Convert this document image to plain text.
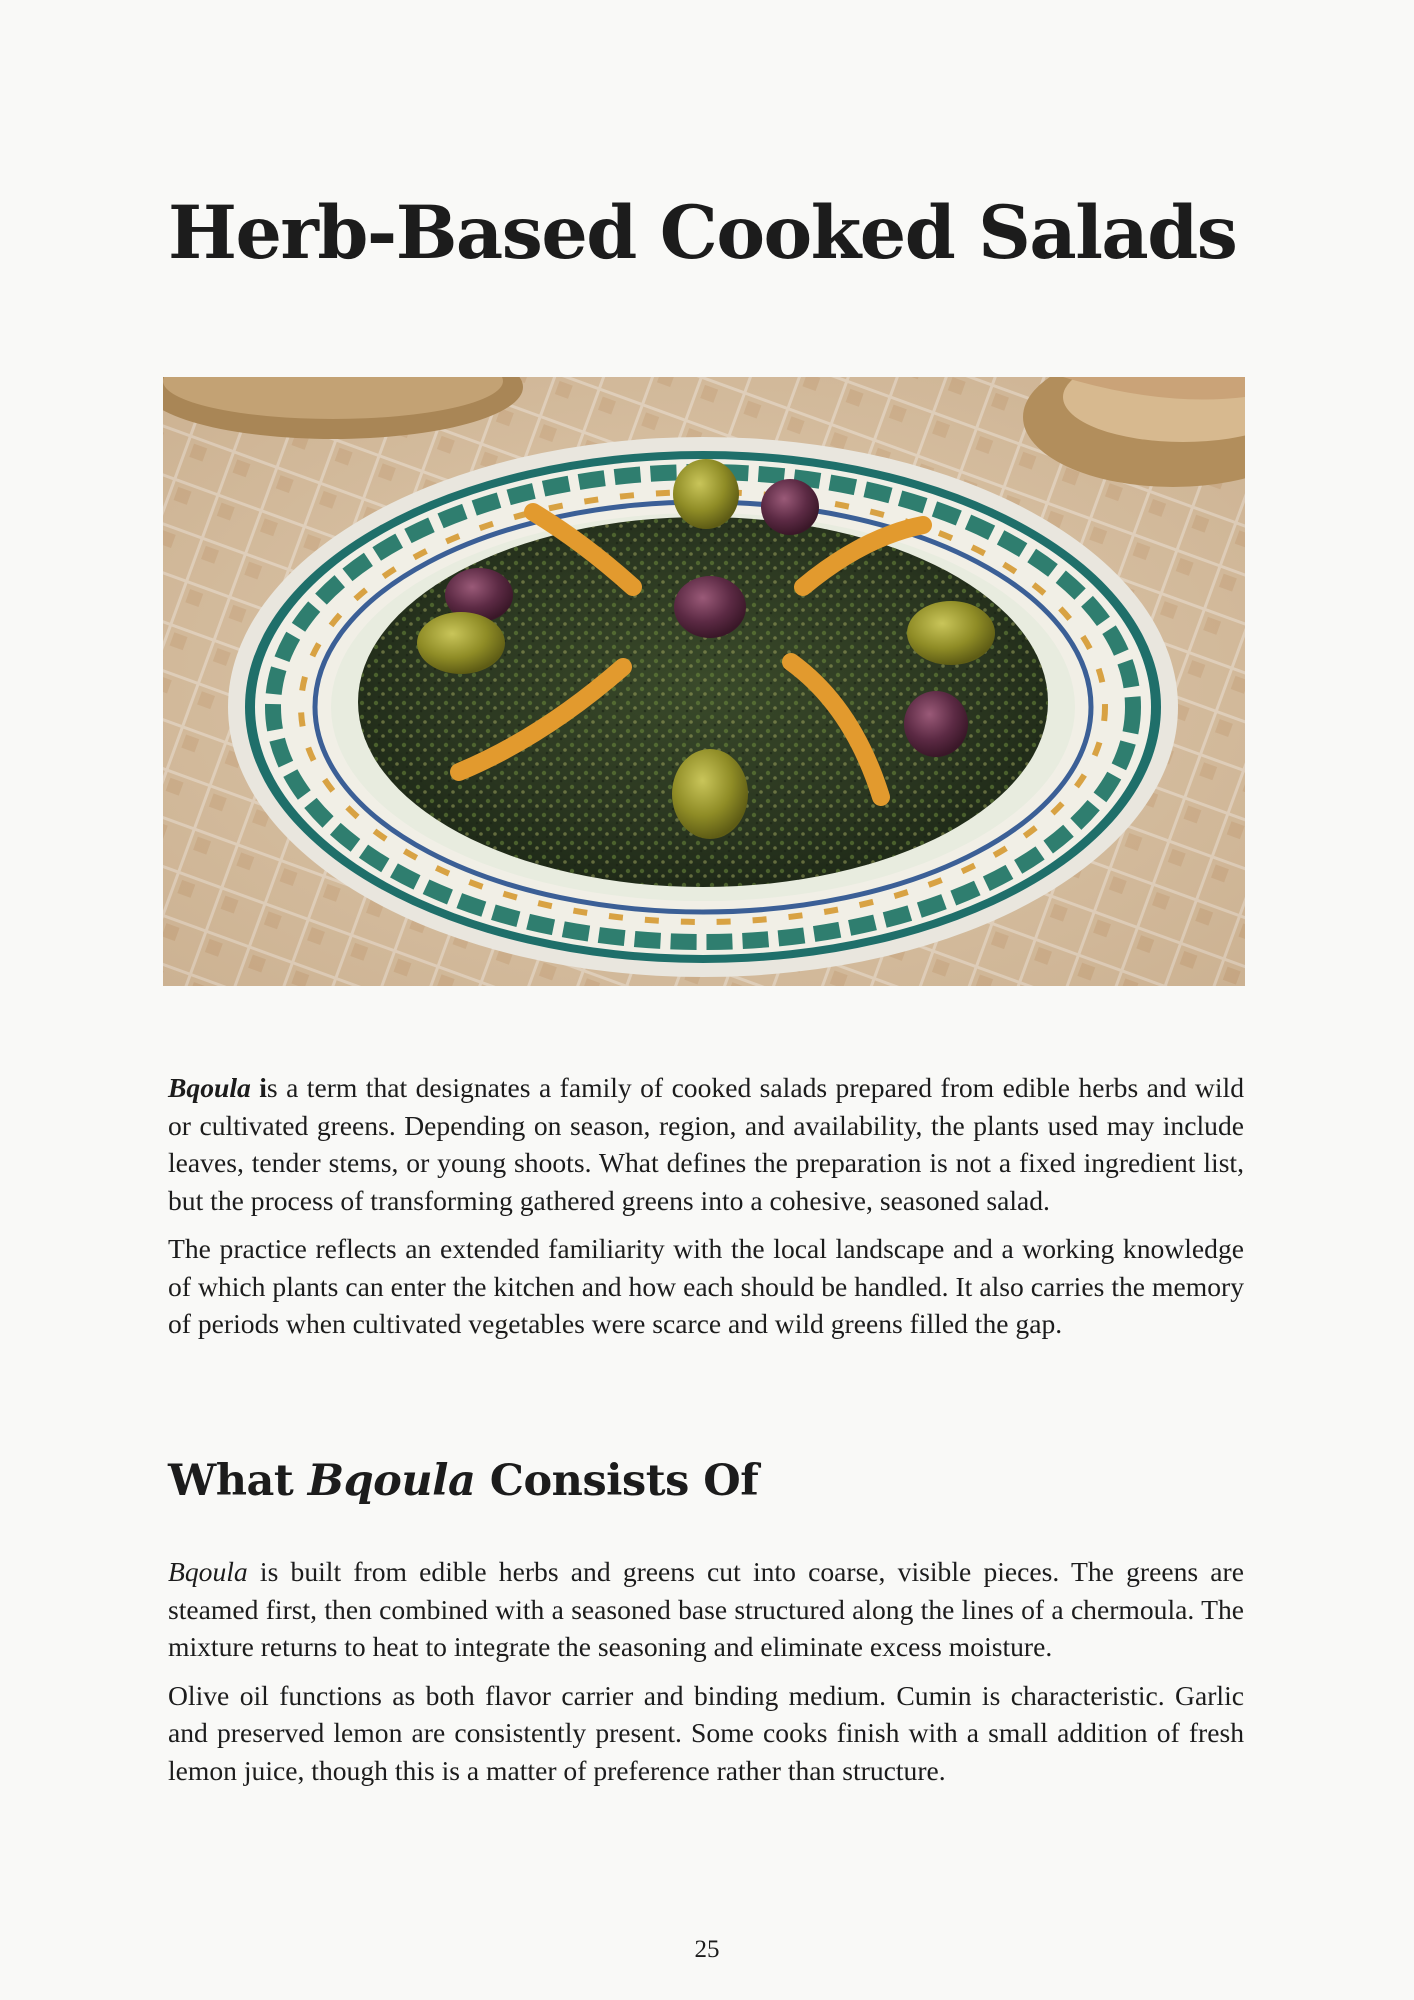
Herb-Based Cooked Salads

Bqoula is a term that designates a family of cooked salads prepared from edible herbs and wild or cultivated greens. Depending on season, region, and availability, the plants used may include leaves, tender stems, or young shoots. What defines the preparation is not a fixed ingredient list, but the process of transforming gathered greens into a cohesive, seasoned salad.

The practice reflects an extended familiarity with the local landscape and a working knowledge of which plants can enter the kitchen and how each should be handled. It also carries the memory of periods when cultivated vegetables were scarce and wild greens filled the gap.

What Bqoula Consists Of

Bqoula is built from edible herbs and greens cut into coarse, visible pieces. The greens are steamed first, then combined with a seasoned base structured along the lines of a chermoula. The mixture returns to heat to integrate the seasoning and eliminate excess moisture.

Olive oil functions as both flavor carrier and binding medium. Cumin is characteristic. Garlic and preserved lemon are consistently present. Some cooks finish with a small addition of fresh lemon juice, though this is a matter of preference rather than structure.

25
